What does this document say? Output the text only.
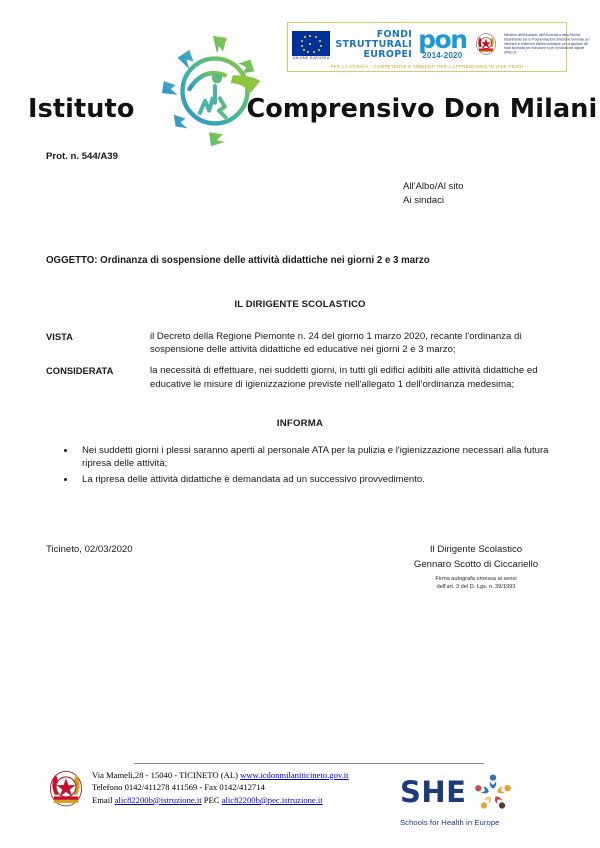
UNIONE EUROPEA
FONDI
STRUTTURALI
EUROPEI
pon
2014-2020
Ministero dell'Istruzione, dell'Università e della Ricerca Dipartimento per la Programmazione Direzione Generale per interventi in materia di edilizia scolastica, per la gestione dei fondi strutturali per l'istruzione e per l'innovazione digitale Ufficio IV
PER LA SCUOLA - COMPETENZE E AMBIENTI PER L'APPRENDIMENTO (FSE-FESR)
Istituto	Comprensivo Don Milani
Prot. n. 544/A39
All'Albo/Al sito
Ai sindaci
OGGETTO: Ordinanza di sospensione delle attività didattiche nei giorni 2 e 3 marzo
IL DIRIGENTE SCOLASTICO
VISTA	il Decreto della Regione Piemonte n. 24 del giorno 1 marzo 2020, recante l'ordinanza di sospensione delle attività didattiche ed educative nei giorni 2 e 3 marzo;
CONSIDERATA	la necessità di effettuare, nei suddetti giorni, in tutti gli edifici adibiti alle attività didattiche ed educative le misure di igienizzazione previste nell'allegato 1 dell'ordinanza medesima;
INFORMA
• Nei suddetti giorni i plessi saranno aperti al personale ATA per la pulizia e l'igienizzazione necessari alla futura ripresa delle attività;
• La ripresa delle attività didattiche è demandata ad un successivo provvedimento.
Ticineto, 02/03/2020	Il Dirigente Scolastico
Gennaro Scotto di Ciccariello
Firma autografa omessa ai sensi
dell'art. 3 del D. Lgs. n. 39/1993
Via Mameli,28 - 15040 - TICINETO (AL) www.icdonmilaniticineto.gov.it
Telefono 0142/411278 411569 - Fax 0142/412714
Email alic82200b@istruzione.it PEC alic82200b@pec.istruzione.it	SHE
Schools for Health in Europe
